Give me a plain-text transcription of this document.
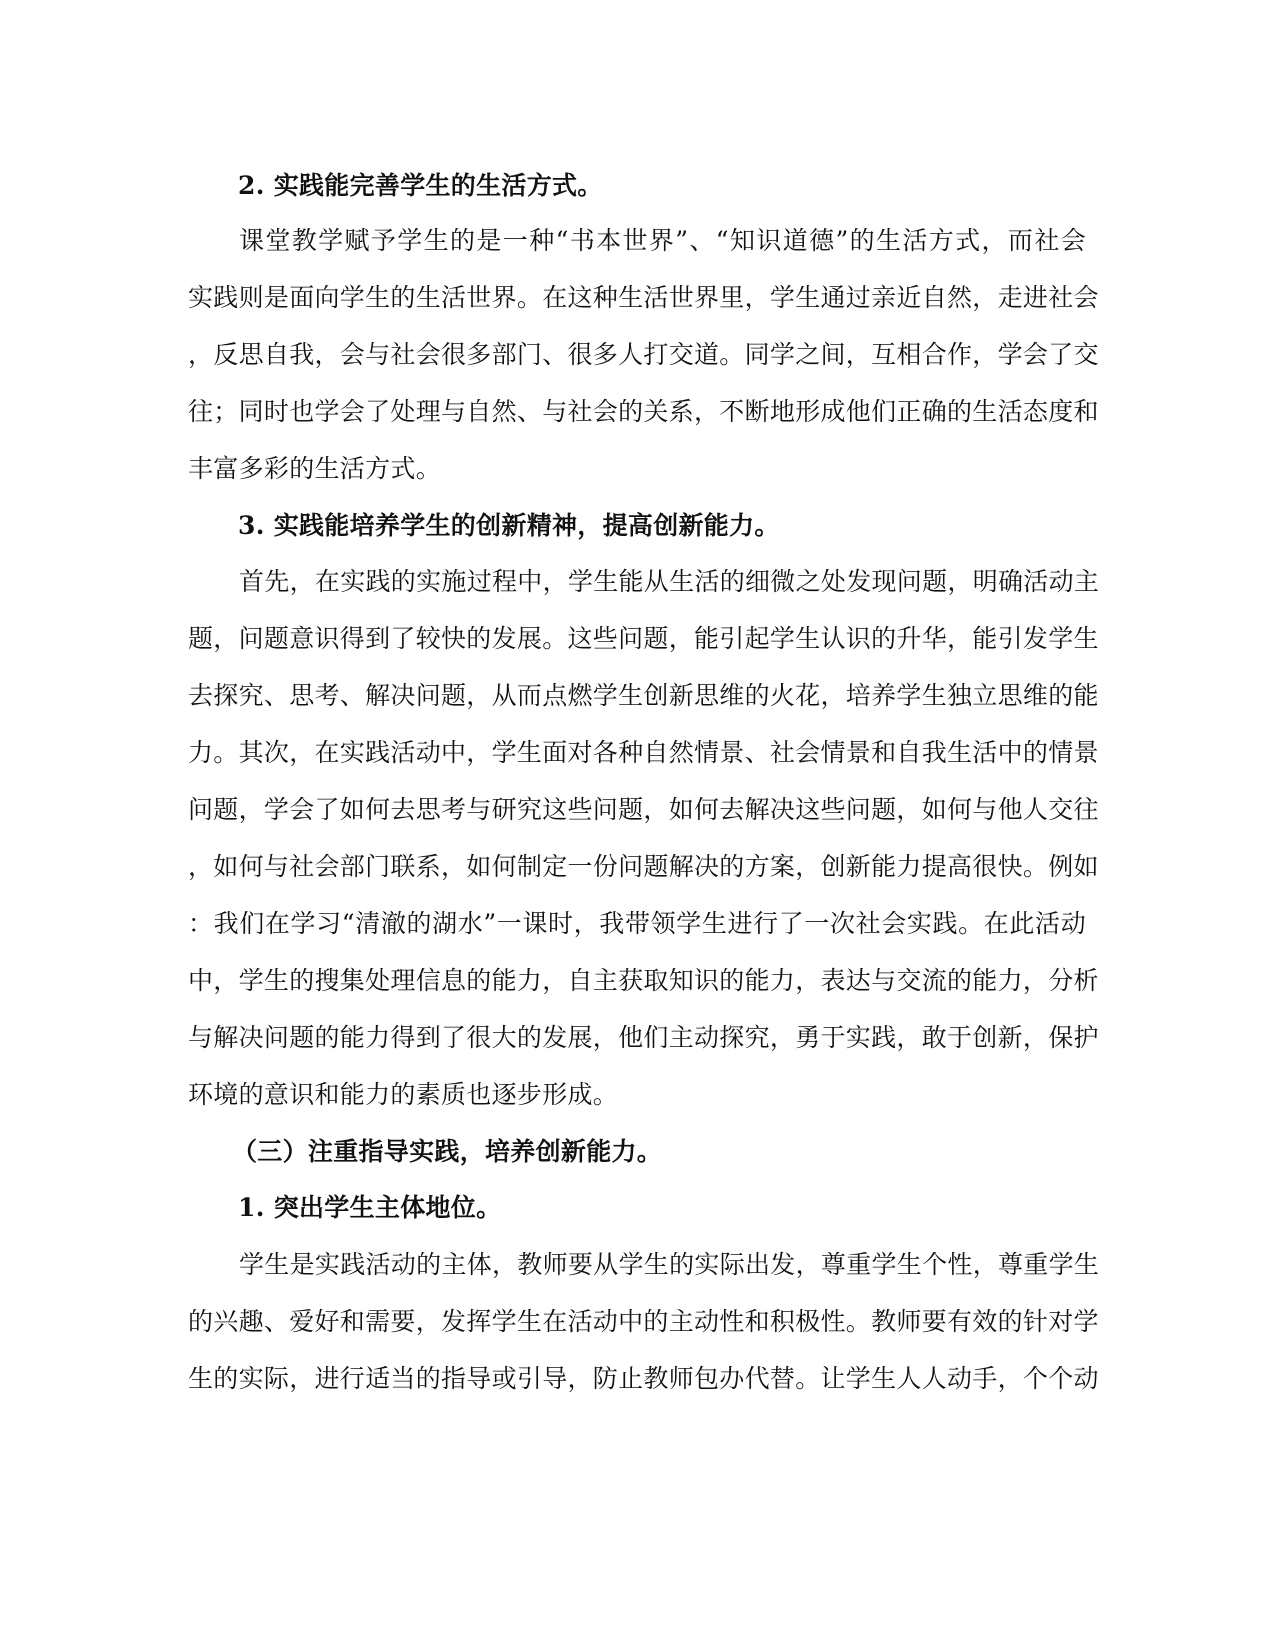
2. 实践能完善学生的生活方式。
课堂教学赋予学生的是一种“书本世界”、“知识道德”的生活方式，而社会
实践则是面向学生的生活世界。在这种生活世界里，学生通过亲近自然，走进社会
，反思自我，会与社会很多部门、很多人打交道。同学之间，互相合作，学会了交
往；同时也学会了处理与自然、与社会的关系，不断地形成他们正确的生活态度和
丰富多彩的生活方式。
3. 实践能培养学生的创新精神，提高创新能力。
首先，在实践的实施过程中，学生能从生活的细微之处发现问题，明确活动主
题，问题意识得到了较快的发展。这些问题，能引起学生认识的升华，能引发学生
去探究、思考、解决问题，从而点燃学生创新思维的火花，培养学生独立思维的能
力。其次，在实践活动中，学生面对各种自然情景、社会情景和自我生活中的情景
问题，学会了如何去思考与研究这些问题，如何去解决这些问题，如何与他人交往
，如何与社会部门联系，如何制定一份问题解决的方案，创新能力提高很快。例如
：我们在学习“清澈的湖水”一课时，我带领学生进行了一次社会实践。在此活动
中，学生的搜集处理信息的能力，自主获取知识的能力，表达与交流的能力，分析
与解决问题的能力得到了很大的发展，他们主动探究，勇于实践，敢于创新，保护
环境的意识和能力的素质也逐步形成。
（三）注重指导实践，培养创新能力。
1. 突出学生主体地位。
学生是实践活动的主体，教师要从学生的实际出发，尊重学生个性，尊重学生
的兴趣、爱好和需要，发挥学生在活动中的主动性和积极性。教师要有效的针对学
生的实际，进行适当的指导或引导，防止教师包办代替。让学生人人动手，个个动
